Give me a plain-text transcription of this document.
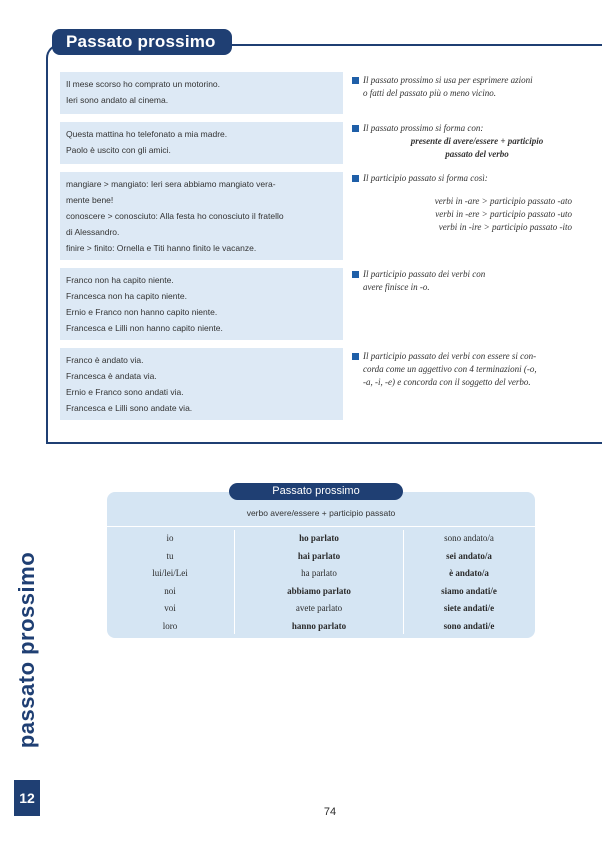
Passato prossimo
Il mese scorso ho comprato un motorino.
Ieri sono andato al cinema.
Il passato prossimo si usa per esprimere azioni
o fatti del passato più o meno vicino.
Questa mattina ho telefonato a mia madre.
Paolo è uscito con gli amici.
Il passato prossimo si forma con:
presente di avere/essere + participio
passato del verbo
mangiare > mangiato: Ieri sera abbiamo mangiato vera-
mente bene!
conoscere > conosciuto: Alla festa ho conosciuto il fratello
di Alessandro.
finire > finito: Ornella e Titi hanno finito le vacanze.
Il participio passato si forma così:
verbi in -are > participio passato -ato
verbi in -ere > participio passato -uto
verbi in -ire > participio passato -ito
Franco non ha capito niente.
Francesca non ha capito niente.
Ernio e Franco non hanno capito niente.
Francesca e Lilli non hanno capito niente.
Il participio passato dei verbi con
avere finisce in -o.
Franco è andato via.
Francesca è andata via.
Ernio e Franco sono andati via.
Francesca e Lilli sono andate via.
Il participio passato dei verbi con essere si con-
corda come un aggettivo con 4 terminazioni (-o,
-a, -i, -e) e concorda con il soggetto del verbo.
Passato prossimo
verbo avere/essere + participio passato
io
tu
lui/lei/Lei
noi
voi
loro
ho parlato
hai parlato
ha parlato
abbiamo parlato
avete parlato
hanno parlato
sono andato/a
sei andato/a
è andato/a
siamo andati/e
siete andati/e
sono andati/e
passato prossimo
12
74
